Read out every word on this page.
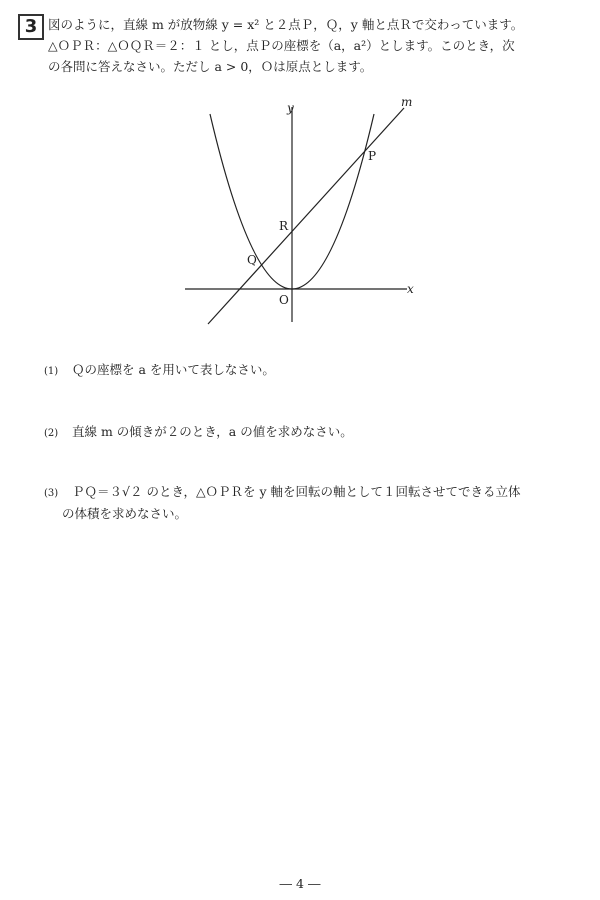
3 図のように，直線 m が放物線 y = x² と２点Ｐ，Ｑ，y 軸と点Ｒで交わっています。
△ＯＰＲ：△ＯＱＲ＝２：１ とし，点Ｐの座標を（a，a²）とします。このとき，次
の各問に答えなさい。ただし a > 0，Ｏは原点とします。
m
y
x
P
R
Q
O
(1) Ｑの座標を a を用いて表しなさい。
(2) 直線 m の傾きが２のとき，a の値を求めなさい。
(3) ＰＱ＝３√２ のとき，△ＯＰＲを y 軸を回転の軸として１回転させてできる立体
の体積を求めなさい。
― 4 ―
